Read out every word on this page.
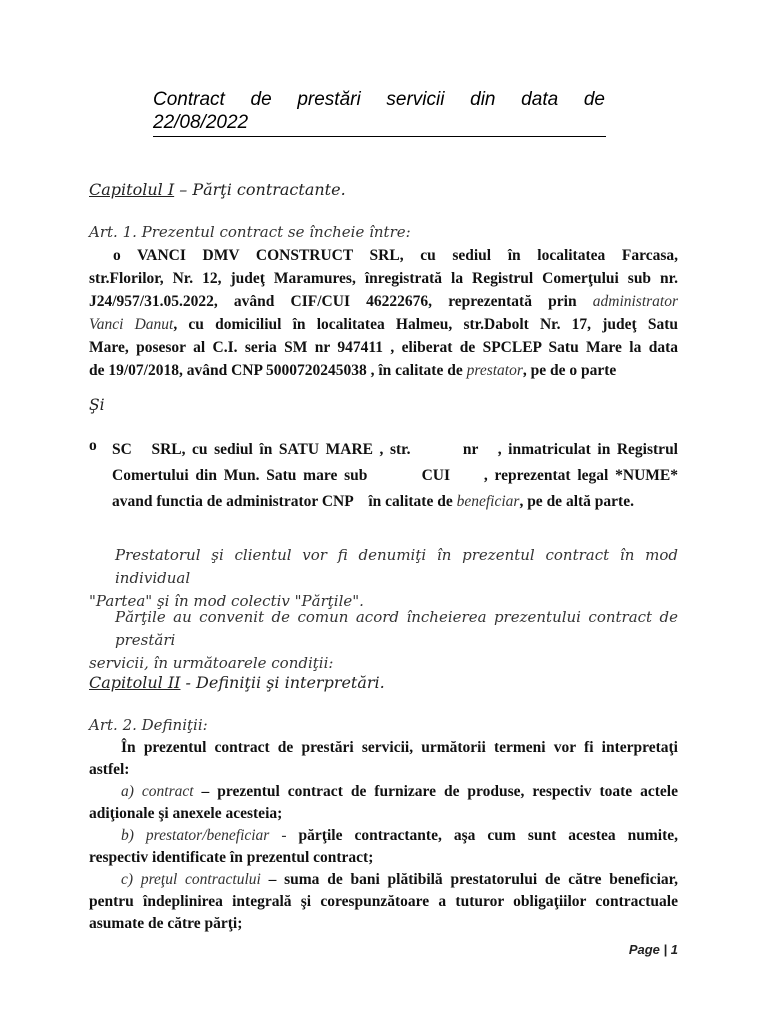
Contract de prestări servicii din data de
22/08/2022
Capitolul I – Părţi contractante.
Art. 1. Prezentul contract se încheie între:
o VANCI DMV CONSTRUCT SRL, cu sediul în localitatea Farcasa,
str.Florilor, Nr. 12, judeţ Maramures, înregistrată la Registrul Comerţului sub nr.
J24/957/31.05.2022, având CIF/CUI 46222676, reprezentată prin administrator
Vanci Danut, cu domiciliul în localitatea Halmeu, str.Dabolt Nr. 17, judeţ Satu
Mare, posesor al C.I. seria SM nr 947411 , eliberat de SPCLEP Satu Mare la data
de 19/07/2018, având CNP 5000720245038 , în calitate de prestator, pe de o parte
Şi
o SC   SRL, cu sediul în SATU MARE , str.        nr   , inmatriculat in Registrul
Comertului din Mun. Satu mare sub        CUI     , reprezentat legal *NUME*
avand functia de administrator CNP    în calitate de beneficiar, pe de altă parte.
Prestatorul şi clientul vor fi denumiţi în prezentul contract în mod individual
"Partea" şi în mod colectiv "Părţile".
Părţile au convenit de comun acord încheierea prezentului contract de prestări
servicii, în următoarele condiţii:
Capitolul II - Definiţii şi interpretări.
Art. 2. Definiţii:
În prezentul contract de prestări servicii, următorii termeni vor fi interpretaţi
astfel:
a) contract – prezentul contract de furnizare de produse, respectiv toate actele
adiţionale şi anexele acesteia;
b) prestator/beneficiar - părţile contractante, aşa cum sunt acestea numite,
respectiv identificate în prezentul contract;
c) preţul contractului – suma de bani plătibilă prestatorului de către beneficiar,
pentru îndeplinirea integrală şi corespunzătoare a tuturor obligaţiilor contractuale
asumate de către părţi;
Page | 1
